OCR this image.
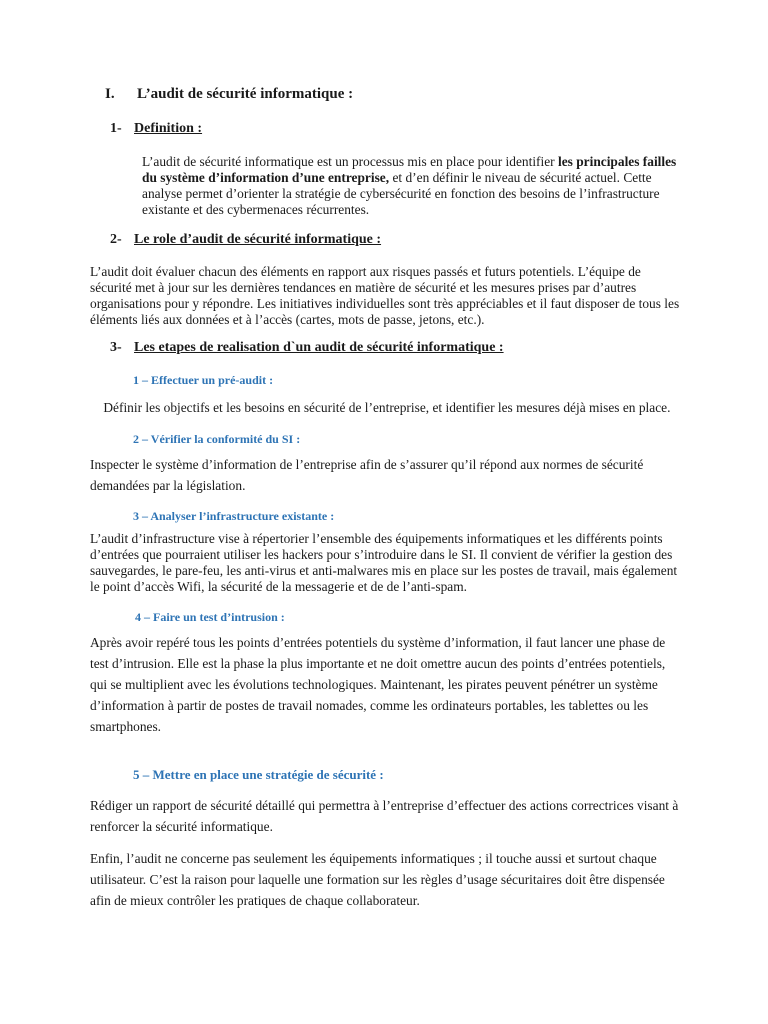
I. L’audit de sécurité informatique :
1- Definition :

L’audit de sécurité informatique est un processus mis en place pour identifier les principales failles du système d’information d’une entreprise, et d’en définir le niveau de sécurité actuel. Cette analyse permet d’orienter la stratégie de cybersécurité en fonction des besoins de l’infrastructure existante et des cybermenaces récurrentes.

2- Le role d’audit de sécurité informatique :

L’audit doit évaluer chacun des éléments en rapport aux risques passés et futurs potentiels. L’équipe de sécurité met à jour sur les dernières tendances en matière de sécurité et les mesures prises par d’autres organisations pour y répondre. Les initiatives individuelles sont très appréciables et il faut disposer de tous les éléments liés aux données et à l’accès (cartes, mots de passe, jetons, etc.).

3- Les etapes de realisation d`un audit de sécurité informatique :
1 – Effectuer un pré-audit :

Définir les objectifs et les besoins en sécurité de l’entreprise, et identifier les mesures déjà mises en place.

2 – Vérifier la conformité du SI :

Inspecter le système d’information de l’entreprise afin de s’assurer qu’il répond aux normes de sécurité demandées par la législation.

3 – Analyser l’infrastructure existante :

L’audit d’infrastructure vise à répertorier l’ensemble des équipements informatiques et les différents points d’entrées que pourraient utiliser les hackers pour s’introduire dans le SI. Il convient de vérifier la gestion des sauvegardes, le pare-feu, les anti-virus et anti-malwares mis en place sur les postes de travail, mais également le point d’accès Wifi, la sécurité de la messagerie et de de l’anti-spam.

4 – Faire un test d’intrusion :

Après avoir repéré tous les points d’entrées potentiels du système d’information, il faut lancer une phase de test d’intrusion. Elle est la phase la plus importante et ne doit omettre aucun des points d’entrées potentiels, qui se multiplient avec les évolutions technologiques. Maintenant, les pirates peuvent pénétrer un système d’information à partir de postes de travail nomades, comme les ordinateurs portables, les tablettes ou les smartphones.

5 – Mettre en place une stratégie de sécurité :

Rédiger un rapport de sécurité détaillé qui permettra à l’entreprise d’effectuer des actions correctrices visant à renforcer la sécurité informatique.

Enfin, l’audit ne concerne pas seulement les équipements informatiques ; il touche aussi et surtout chaque utilisateur. C’est la raison pour laquelle une formation sur les règles d’usage sécuritaires doit être dispensée afin de mieux contrôler les pratiques de chaque collaborateur.
